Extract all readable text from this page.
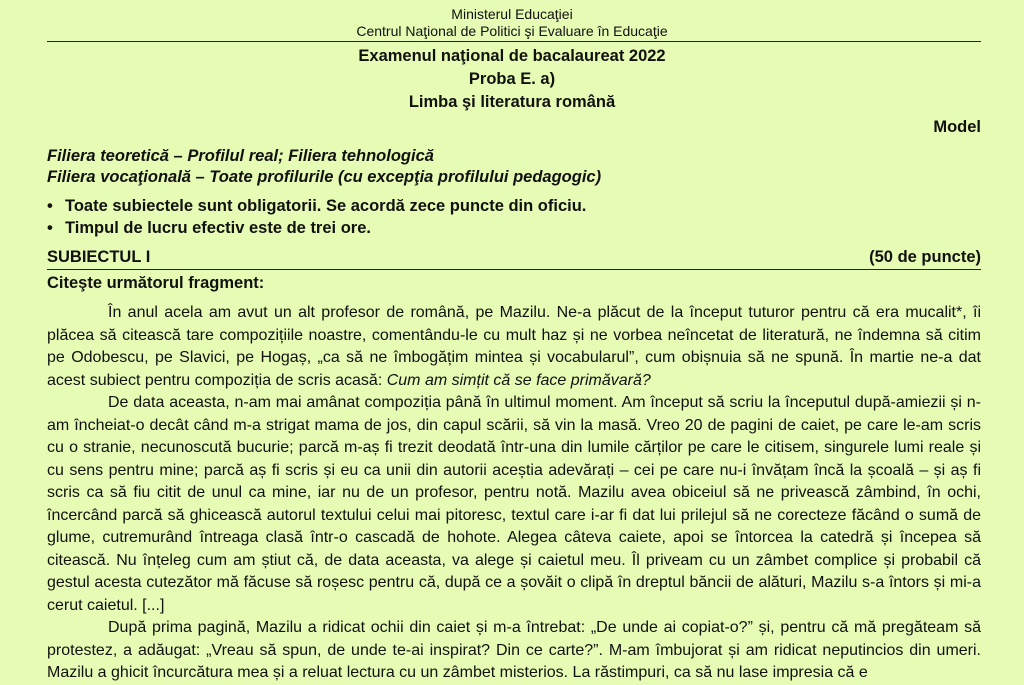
Ministerul Educaţiei
Centrul Naţional de Politici şi Evaluare în Educaţie
Examenul naţional de bacalaureat 2022
Proba E. a)
Limba şi literatura română
Model
Filiera teoretică – Profilul real; Filiera tehnologică
Filiera vocaţională – Toate profilurile (cu excepţia profilului pedagogic)
• Toate subiectele sunt obligatorii. Se acordă zece puncte din oficiu.
• Timpul de lucru efectiv este de trei ore.
SUBIECTUL I	(50 de puncte)
Citeşte următorul fragment:

În anul acela am avut un alt profesor de română, pe Mazilu. Ne-a plăcut de la început tuturor pentru că era mucalit*, îi plăcea să citească tare compozițiile noastre, comentându-le cu mult haz și ne vorbea neîncetat de literatură, ne îndemna să citim pe Odobescu, pe Slavici, pe Hogaș, „ca să ne îmbogățim mintea și vocabularul”, cum obișnuia să ne spună. În martie ne-a dat acest subiect pentru compoziția de scris acasă: Cum am simțit că se face primăvară?

De data aceasta, n-am mai amânat compoziția până în ultimul moment. Am început să scriu la începutul după-amiezii și n-am încheiat-o decât când m-a strigat mama de jos, din capul scării, să vin la masă. Vreo 20 de pagini de caiet, pe care le-am scris cu o stranie, necunoscută bucurie; parcă m-aș fi trezit deodată într-una din lumile cărților pe care le citisem, singurele lumi reale și cu sens pentru mine; parcă aș fi scris și eu ca unii din autorii aceștia adevărați – cei pe care nu-i învățam încă la școală – și aș fi scris ca să fiu citit de unul ca mine, iar nu de un profesor, pentru notă. Mazilu avea obiceiul să ne privească zâmbind, în ochi, încercând parcă să ghicească autorul textului celui mai pitoresc, textul care i-ar fi dat lui prilejul să ne corecteze făcând o sumă de glume, cutremurând întreaga clasă într-o cascadă de hohote. Alegea câteva caiete, apoi se întorcea la catedră și începea să citească. Nu înțeleg cum am știut că, de data aceasta, va alege și caietul meu. Îl priveam cu un zâmbet complice și probabil că gestul acesta cutezător mă făcuse să roșesc pentru că, după ce a șovăit o clipă în dreptul băncii de alături, Mazilu s-a întors și mi-a cerut caietul. [...]

După prima pagină, Mazilu a ridicat ochii din caiet și m-a întrebat: „De unde ai copiat-o?” și, pentru că mă pregăteam să protestez, a adăugat: „Vreau să spun, de unde te-ai inspirat? Din ce carte?”. M-am îmbujorat și am ridicat neputincios din umeri. Mazilu a ghicit încurcătura mea și a reluat lectura cu un zâmbet misterios. La răstimpuri, ca să nu lase impresia că e
